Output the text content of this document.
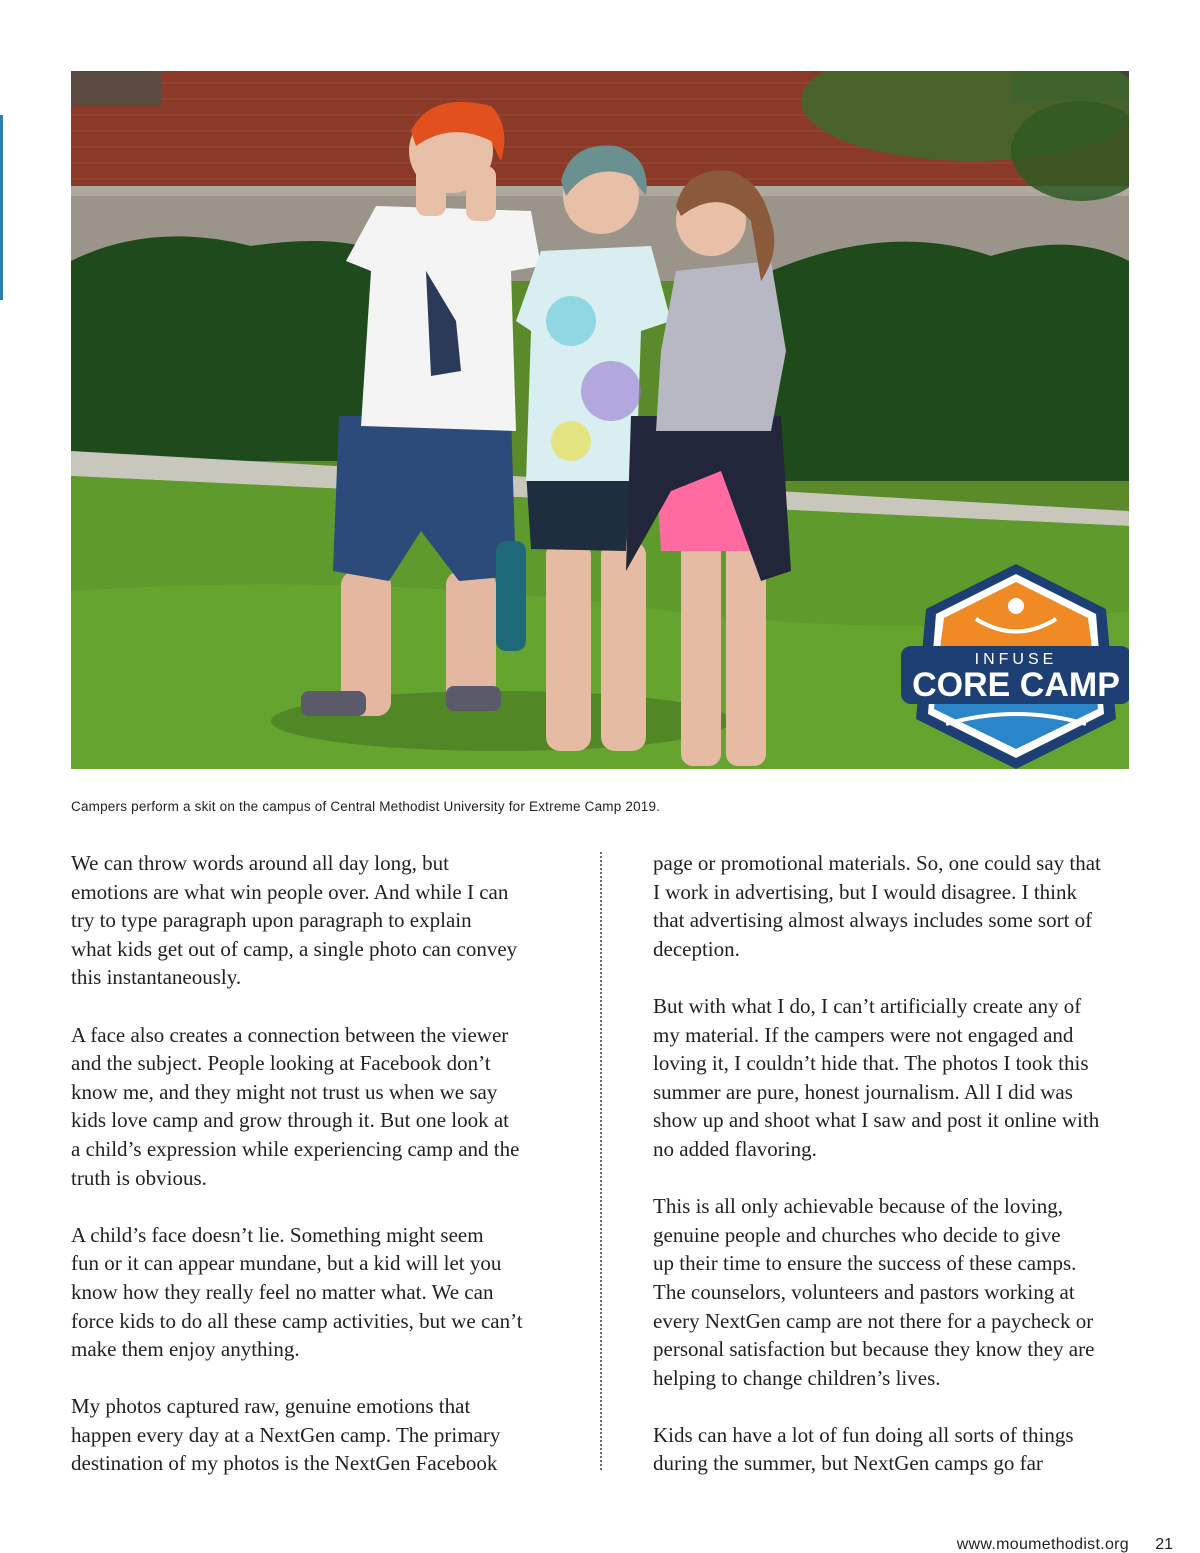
INFUSE
CORE CAMP
Campers perform a skit on the campus of Central Methodist University for Extreme Camp 2019.

We can throw words around all day long, but
emotions are what win people over. And while I can
try to type paragraph upon paragraph to explain
what kids get out of camp, a single photo can convey
this instantaneously.

A face also creates a connection between the viewer
and the subject. People looking at Facebook don’t
know me, and they might not trust us when we say
kids love camp and grow through it. But one look at
a child’s expression while experiencing camp and the
truth is obvious.

A child’s face doesn’t lie. Something might seem
fun or it can appear mundane, but a kid will let you
know how they really feel no matter what. We can
force kids to do all these camp activities, but we can’t
make them enjoy anything.

My photos captured raw, genuine emotions that
happen every day at a NextGen camp. The primary
destination of my photos is the NextGen Facebook

page or promotional materials. So, one could say that
I work in advertising, but I would disagree. I think
that advertising almost always includes some sort of
deception.

But with what I do, I can’t artificially create any of
my material. If the campers were not engaged and
loving it, I couldn’t hide that. The photos I took this
summer are pure, honest journalism. All I did was
show up and shoot what I saw and post it online with
no added flavoring.

This is all only achievable because of the loving,
genuine people and churches who decide to give
up their time to ensure the success of these camps.
The counselors, volunteers and pastors working at
every NextGen camp are not there for a paycheck or
personal satisfaction but because they know they are
helping to change children’s lives.

Kids can have a lot of fun doing all sorts of things
during the summer, but NextGen camps go far

www.moumethodist.org 21
